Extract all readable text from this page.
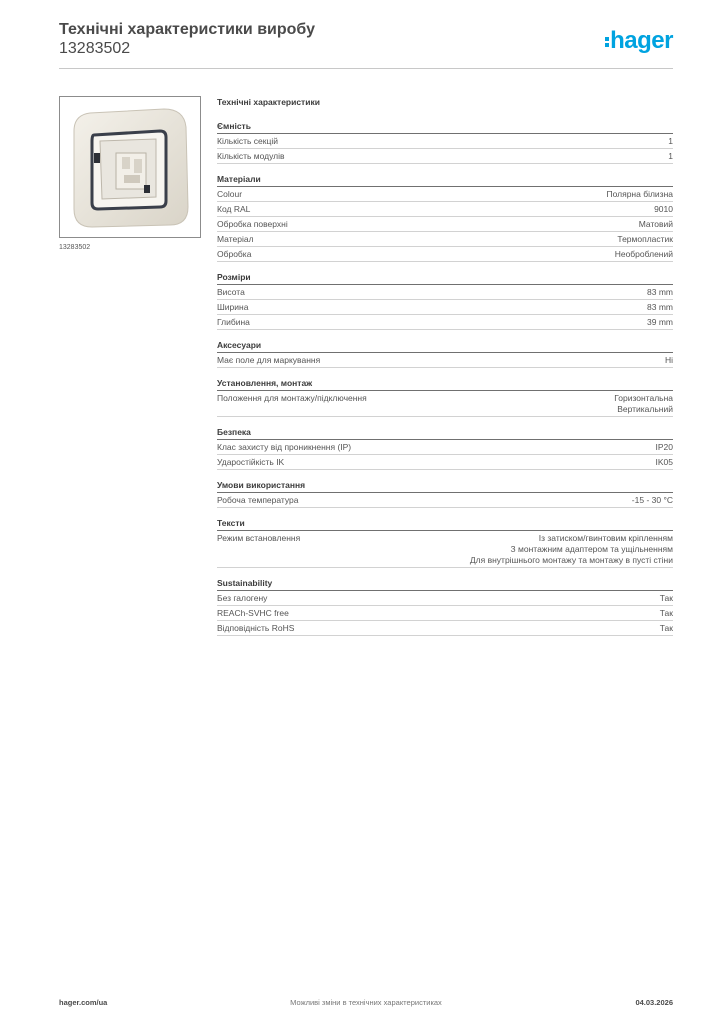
Технічні характеристики виробу
13283502	hager
13283502
Технічні характеристики
Ємність
Кількість секцій	1
Кількість модулів	1
Матеріали
Colour	Полярна білизна
Код RAL	9010
Обробка поверхні	Матовий
Матеріал	Термопластик
Обробка	Необроблений
Розміри
Висота	83 mm
Ширина	83 mm
Глибина	39 mm
Аксесуари
Має поле для маркування	Ні
Установлення, монтаж
Положення для монтажу/підключення	Горизонтальна
Вертикальний
Безпека
Клас захисту від проникнення (IP)	IP20
Ударостійкість IK	IK05
Умови використання
Робоча температура	-15 - 30 °C
Тексти
Режим встановлення	Із затиском/гвинтовим кріпленням
З монтажним адаптером та ущільненням
Для внутрішнього монтажу та монтажу в пусті стіни
Sustainability
Без галогену	Так
REACh-SVHC free	Так
Відповідність RoHS	Так
Можливі зміни в технічних характеристиках
hager.com/ua	04.03.2026
